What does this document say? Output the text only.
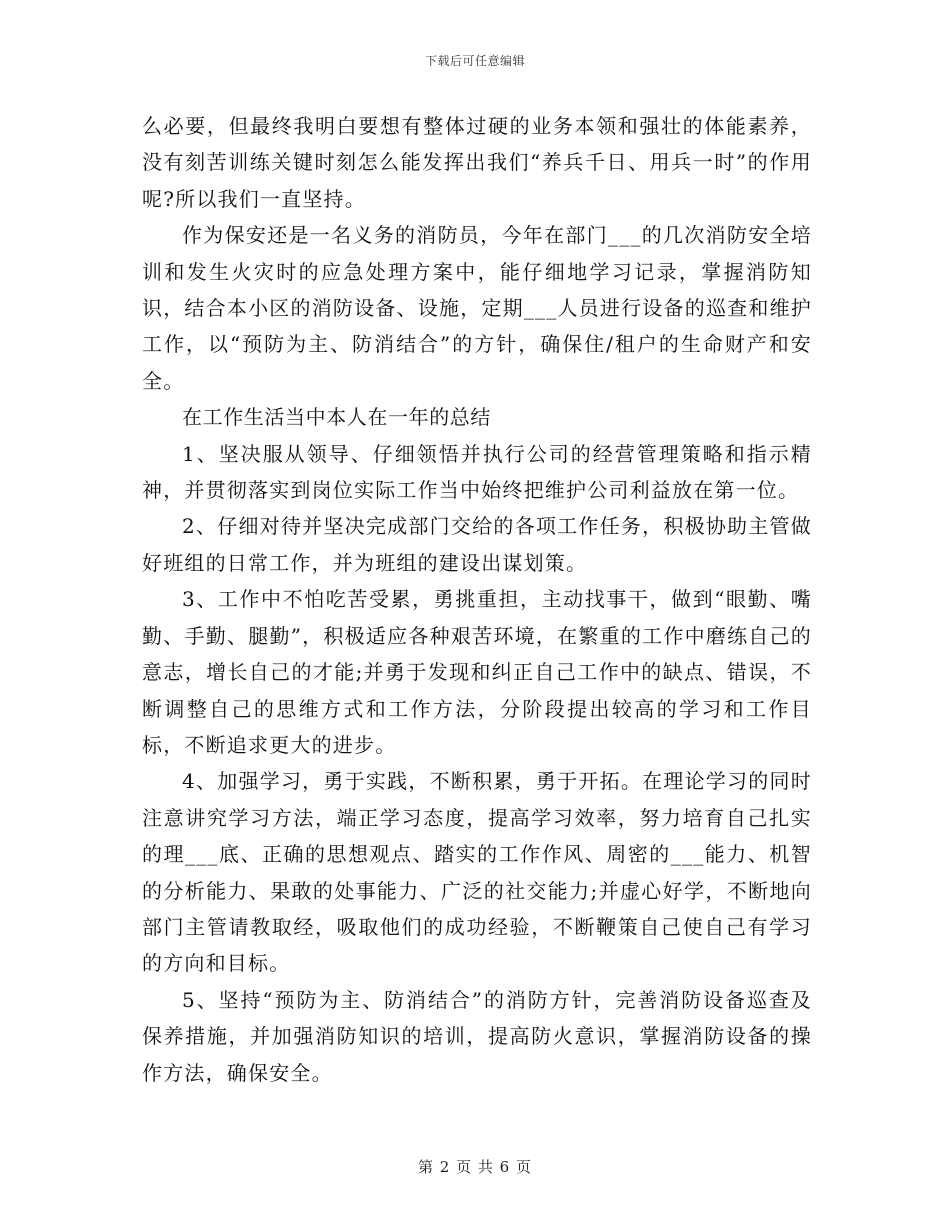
下载后可任意编辑

么必要，但最终我明白要想有整体过硬的业务本领和强壮的体能素养，没有刻苦训练关键时刻怎么能发挥出我们“养兵千日、用兵一时”的作用呢?所以我们一直坚持。

作为保安还是一名义务的消防员，今年在部门___的几次消防安全培训和发生火灾时的应急处理方案中，能仔细地学习记录，掌握消防知识，结合本小区的消防设备、设施，定期___人员进行设备的巡查和维护工作，以“预防为主、防消结合”的方针，确保住/租户的生命财产和安全。

在工作生活当中本人在一年的总结

1、坚决服从领导、仔细领悟并执行公司的经营管理策略和指示精神，并贯彻落实到岗位实际工作当中始终把维护公司利益放在第一位。

2、仔细对待并坚决完成部门交给的各项工作任务，积极协助主管做好班组的日常工作，并为班组的建设出谋划策。

3、工作中不怕吃苦受累，勇挑重担，主动找事干，做到“眼勤、嘴勤、手勤、腿勤”，积极适应各种艰苦环境，在繁重的工作中磨练自己的意志，增长自己的才能;并勇于发现和纠正自己工作中的缺点、错误，不断调整自己的思维方式和工作方法，分阶段提出较高的学习和工作目标，不断追求更大的进步。

4、加强学习，勇于实践，不断积累，勇于开拓。在理论学习的同时注意讲究学习方法，端正学习态度，提高学习效率，努力培育自己扎实的理___底、正确的思想观点、踏实的工作作风、周密的___能力、机智的分析能力、果敢的处事能力、广泛的社交能力;并虚心好学，不断地向部门主管请教取经，吸取他们的成功经验，不断鞭策自己使自己有学习的方向和目标。

5、坚持“预防为主、防消结合”的消防方针，完善消防设备巡查及保养措施，并加强消防知识的培训，提高防火意识，掌握消防设备的操作方法，确保安全。

第 2 页 共 6 页
